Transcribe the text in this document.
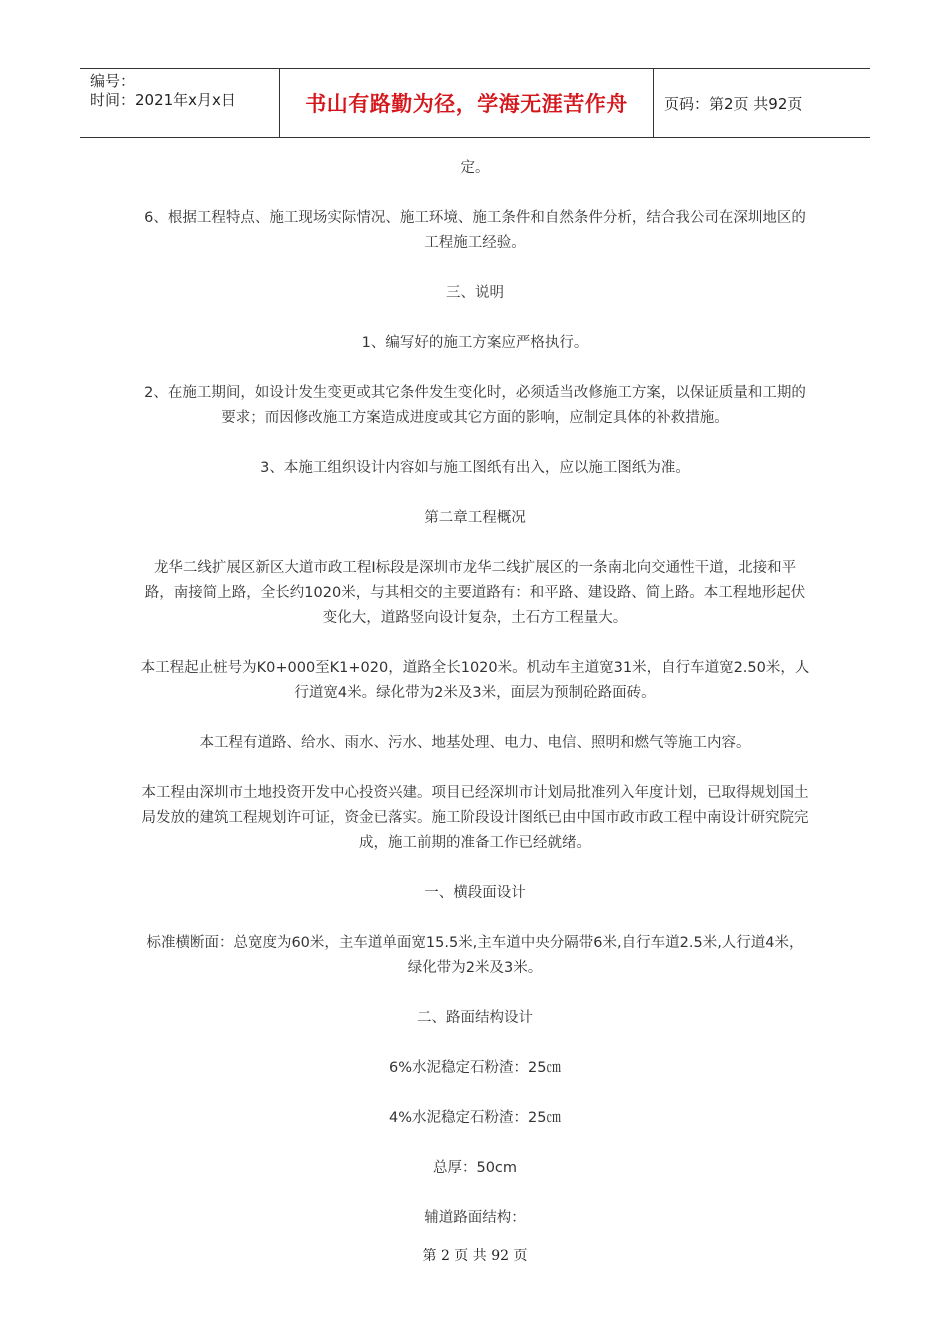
编号：
时间：2021年x月x日	书山有路勤为径，学海无涯苦作舟	页码：第2页 共92页

定。

6、根据工程特点、施工现场实际情况、施工环境、施工条件和自然条件分析，结合我公司在深圳地区的工程施工经验。

三、说明

1、编写好的施工方案应严格执行。

2、在施工期间，如设计发生变更或其它条件发生变化时，必须适当改修施工方案，以保证质量和工期的要求；而因修改施工方案造成进度或其它方面的影响，应制定具体的补救措施。

3、本施工组织设计内容如与施工图纸有出入，应以施工图纸为准。

第二章工程概况

龙华二线扩展区新区大道市政工程Ⅰ标段是深圳市龙华二线扩展区的一条南北向交通性干道，北接和平路，南接简上路，全长约1020米，与其相交的主要道路有：和平路、建设路、简上路。本工程地形起伏变化大，道路竖向设计复杂，土石方工程量大。

本工程起止桩号为K0+000至K1+020，道路全长1020米。机动车主道宽31米，自行车道宽2.50米，人行道宽4米。绿化带为2米及3米，面层为预制砼路面砖。

本工程有道路、给水、雨水、污水、地基处理、电力、电信、照明和燃气等施工内容。

本工程由深圳市土地投资开发中心投资兴建。项目已经深圳市计划局批准列入年度计划，已取得规划国土局发放的建筑工程规划许可证，资金已落实。施工阶段设计图纸已由中国市政市政工程中南设计研究院完成，施工前期的准备工作已经就绪。

一、横段面设计

标准横断面：总宽度为60米，主车道单面宽15.5米,主车道中央分隔带6米,自行车道2.5米,人行道4米，绿化带为2米及3米。

二、路面结构设计

6%水泥稳定石粉渣：25㎝

4%水泥稳定石粉渣：25㎝

总厚：50cm

辅道路面结构：

第 2 页 共 92 页
